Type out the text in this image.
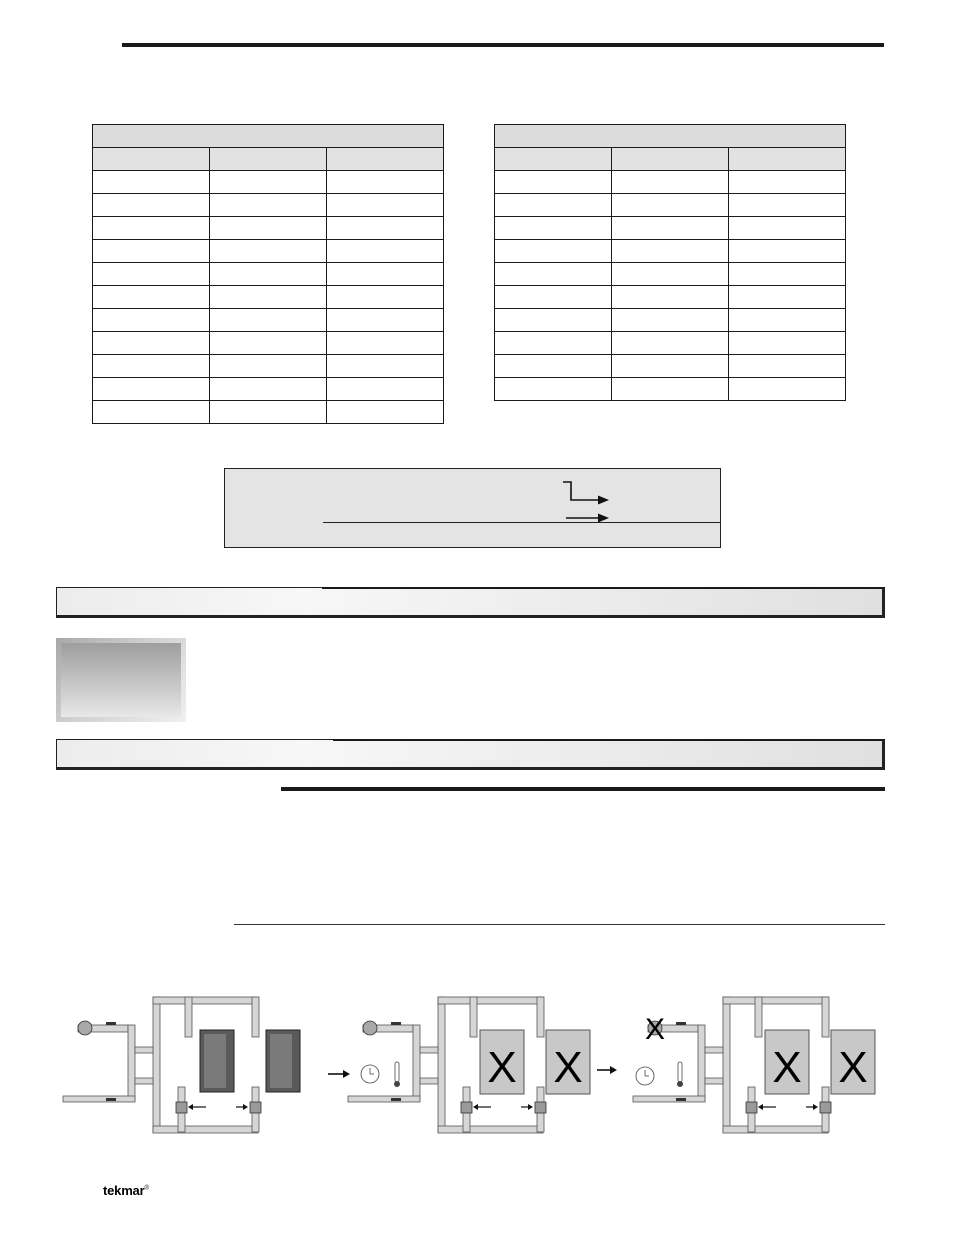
X X
X
X X
tekmar®
